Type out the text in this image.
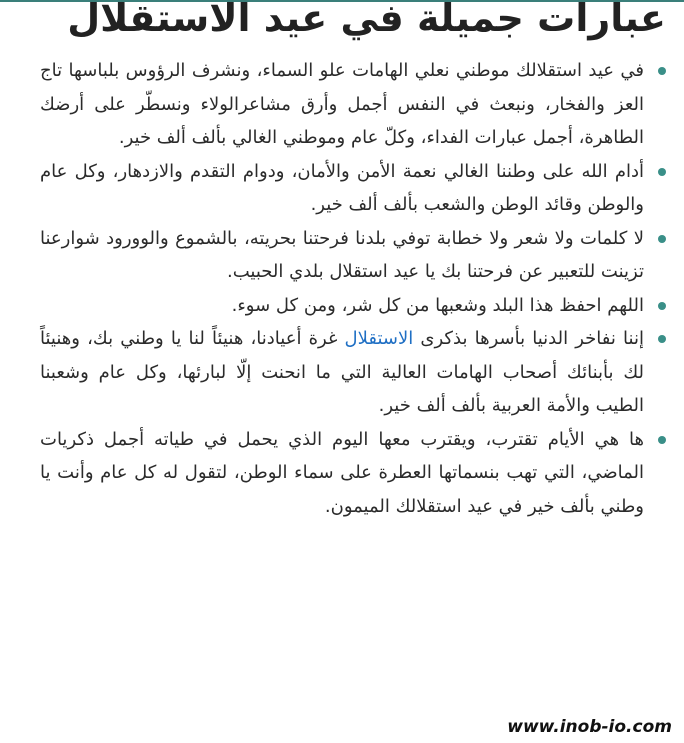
عبارات جميلة في عيد الاستقلال
في عيد استقلالك موطني نعلي الهامات علو السماء، ونشرف الرؤوس بلباسها تاج العز والفخار، ونبعث في النفس أجمل وأرق مشاعرالولاء ونسطّر على أرضك الطاهرة، أجمل عبارات الفداء، وكلّ عام وموطني الغالي بألف ألف خير.
أدام الله على وطننا الغالي نعمة الأمن والأمان، ودوام التقدم والازدهار، وكل عام والوطن وقائد الوطن والشعب بألف ألف خير.
لا كلمات ولا شعر ولا خطابة توفي بلدنا فرحتنا بحريته، بالشموع والوورود شوارعنا تزينت للتعبير عن فرحتنا بك يا عيد استقلال بلدي الحبيب.
اللهم احفظ هذا البلد وشعبها من كل شر، ومن كل سوء.
إننا نفاخر الدنيا بأسرها بذكرى الاستقلال غرة أعيادنا، هنيئاً لنا يا وطني بك، وهنيئاً لك بأبنائك أصحاب الهامات العالية التي ما انحنت إلّا لبارئها، وكل عام وشعبنا الطيب والأمة العربية بألف ألف خير.
ها هي الأيام تقترب، ويقترب معها اليوم الذي يحمل في طياته أجمل ذكريات الماضي، التي تهب بنسماتها العطرة على سماء الوطن، لتقول له كل عام وأنت يا وطني بألف خير في عيد استقلالك الميمون.
www.inob-io.com
